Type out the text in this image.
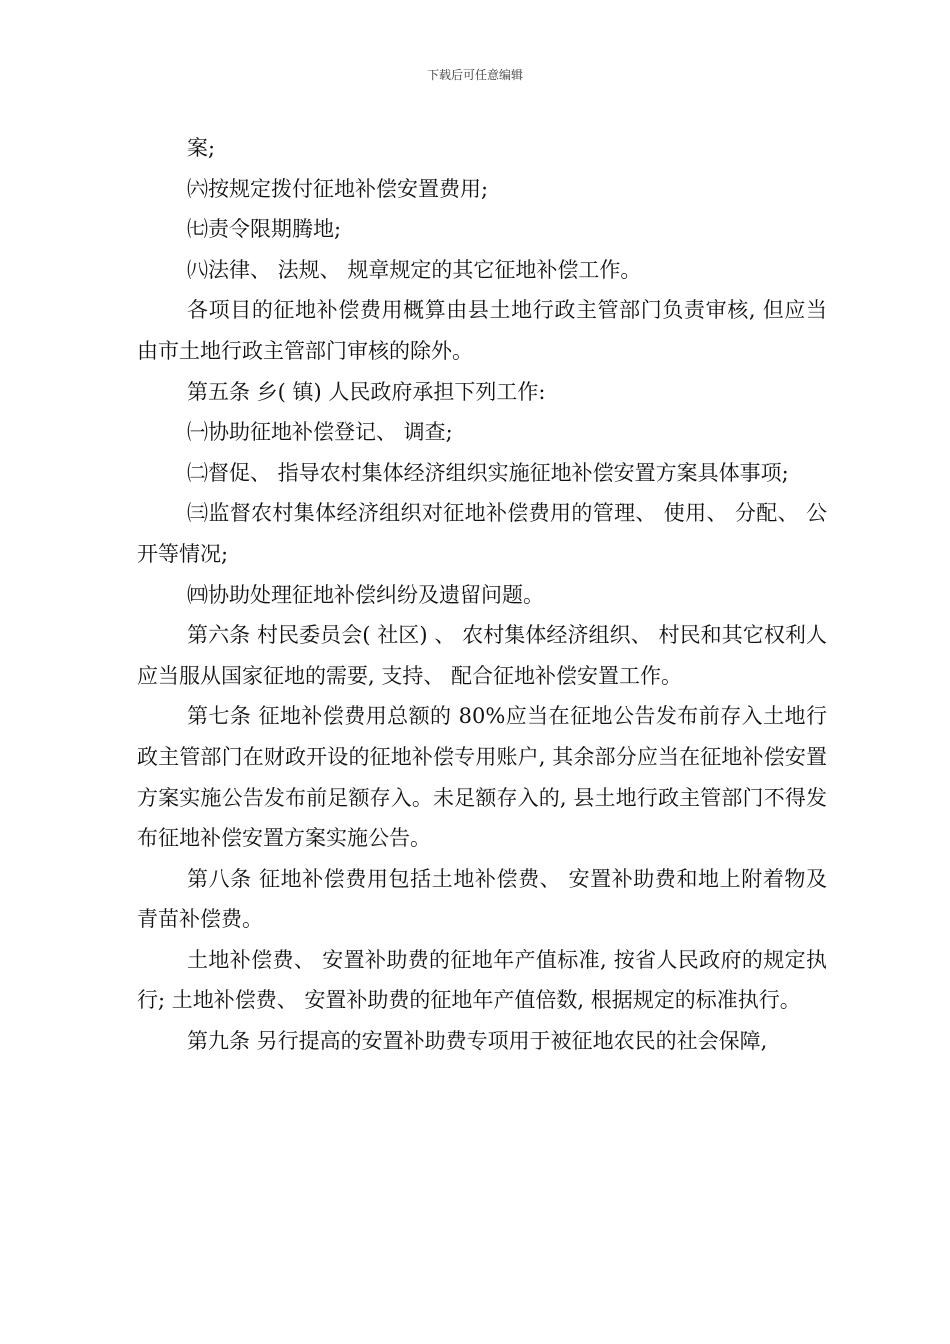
下载后可任意编辑

案;

㈥按规定拨付征地补偿安置费用;

㈦责令限期腾地;

㈧法律、 法规、 规章规定的其它征地补偿工作。

各项目的征地补偿费用概算由县土地行政主管部门负责审核, 但应当由市土地行政主管部门审核的除外。

第五条 乡( 镇) 人民政府承担下列工作:

㈠协助征地补偿登记、 调查;

㈡督促、 指导农村集体经济组织实施征地补偿安置方案具体事项;

㈢监督农村集体经济组织对征地补偿费用的管理、 使用、 分配、 公开等情况;

㈣协助处理征地补偿纠纷及遗留问题。

第六条 村民委员会( 社区) 、 农村集体经济组织、 村民和其它权利人应当服从国家征地的需要, 支持、 配合征地补偿安置工作。

第七条 征地补偿费用总额的 80%应当在征地公告发布前存入土地行政主管部门在财政开设的征地补偿专用账户, 其余部分应当在征地补偿安置方案实施公告发布前足额存入。未足额存入的, 县土地行政主管部门不得发布征地补偿安置方案实施公告。

第八条 征地补偿费用包括土地补偿费、 安置补助费和地上附着物及青苗补偿费。

土地补偿费、 安置补助费的征地年产值标准, 按省人民政府的规定执行; 土地补偿费、 安置补助费的征地年产值倍数, 根据规定的标准执行。

第九条 另行提高的安置补助费专项用于被征地农民的社会保障,
